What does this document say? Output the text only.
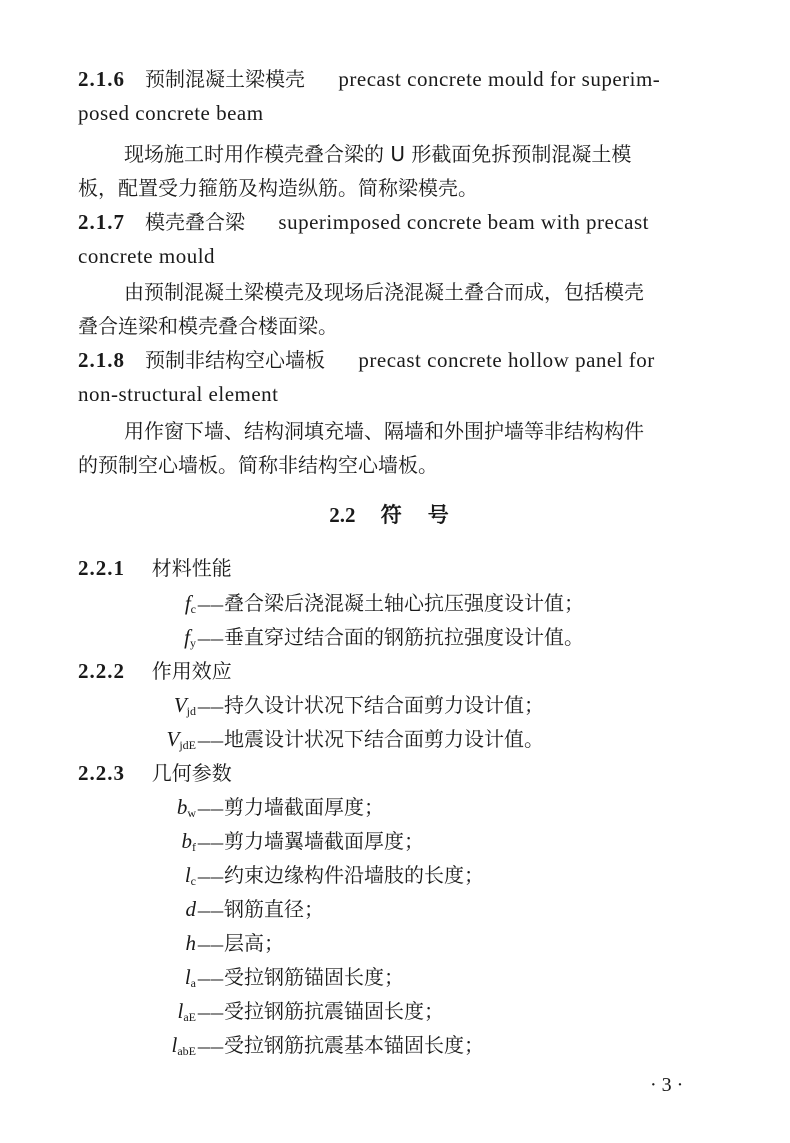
2.1.6 预制混凝土梁模壳 precast concrete mould for superim-
posed concrete beam
现场施工时用作模壳叠合梁的 U 形截面免拆预制混凝土模
板，配置受力箍筋及构造纵筋。简称梁模壳。
2.1.7 模壳叠合梁 superimposed concrete beam with precast
concrete mould
由预制混凝土梁模壳及现场后浇混凝土叠合而成，包括模壳
叠合连梁和模壳叠合楼面梁。
2.1.8 预制非结构空心墙板 precast concrete hollow panel for
non-structural element
用作窗下墙、结构洞填充墙、隔墙和外围护墙等非结构构件
的预制空心墙板。简称非结构空心墙板。
2.2 符号
2.2.1 材料性能
$f_c——$叠合梁后浇混凝土轴心抗压强度设计值；
$f_y——$垂直穿过结合面的钢筋抗拉强度设计值。
2.2.2 作用效应
$V_{jd}——$持久设计状况下结合面剪力设计值；
$V_{jdE}——$地震设计状况下结合面剪力设计值。
2.2.3 几何参数
$b_w——$剪力墙截面厚度；
$b_f——$剪力墙翼墙截面厚度；
$l_c——$约束边缘构件沿墙肢的长度；
d——钢筋直径；
h——层高；
$l_a——$受拉钢筋锚固长度；
$l_{aE}——$受拉钢筋抗震锚固长度；
$l_{abE}——$受拉钢筋抗震基本锚固长度；
· 3 ·
